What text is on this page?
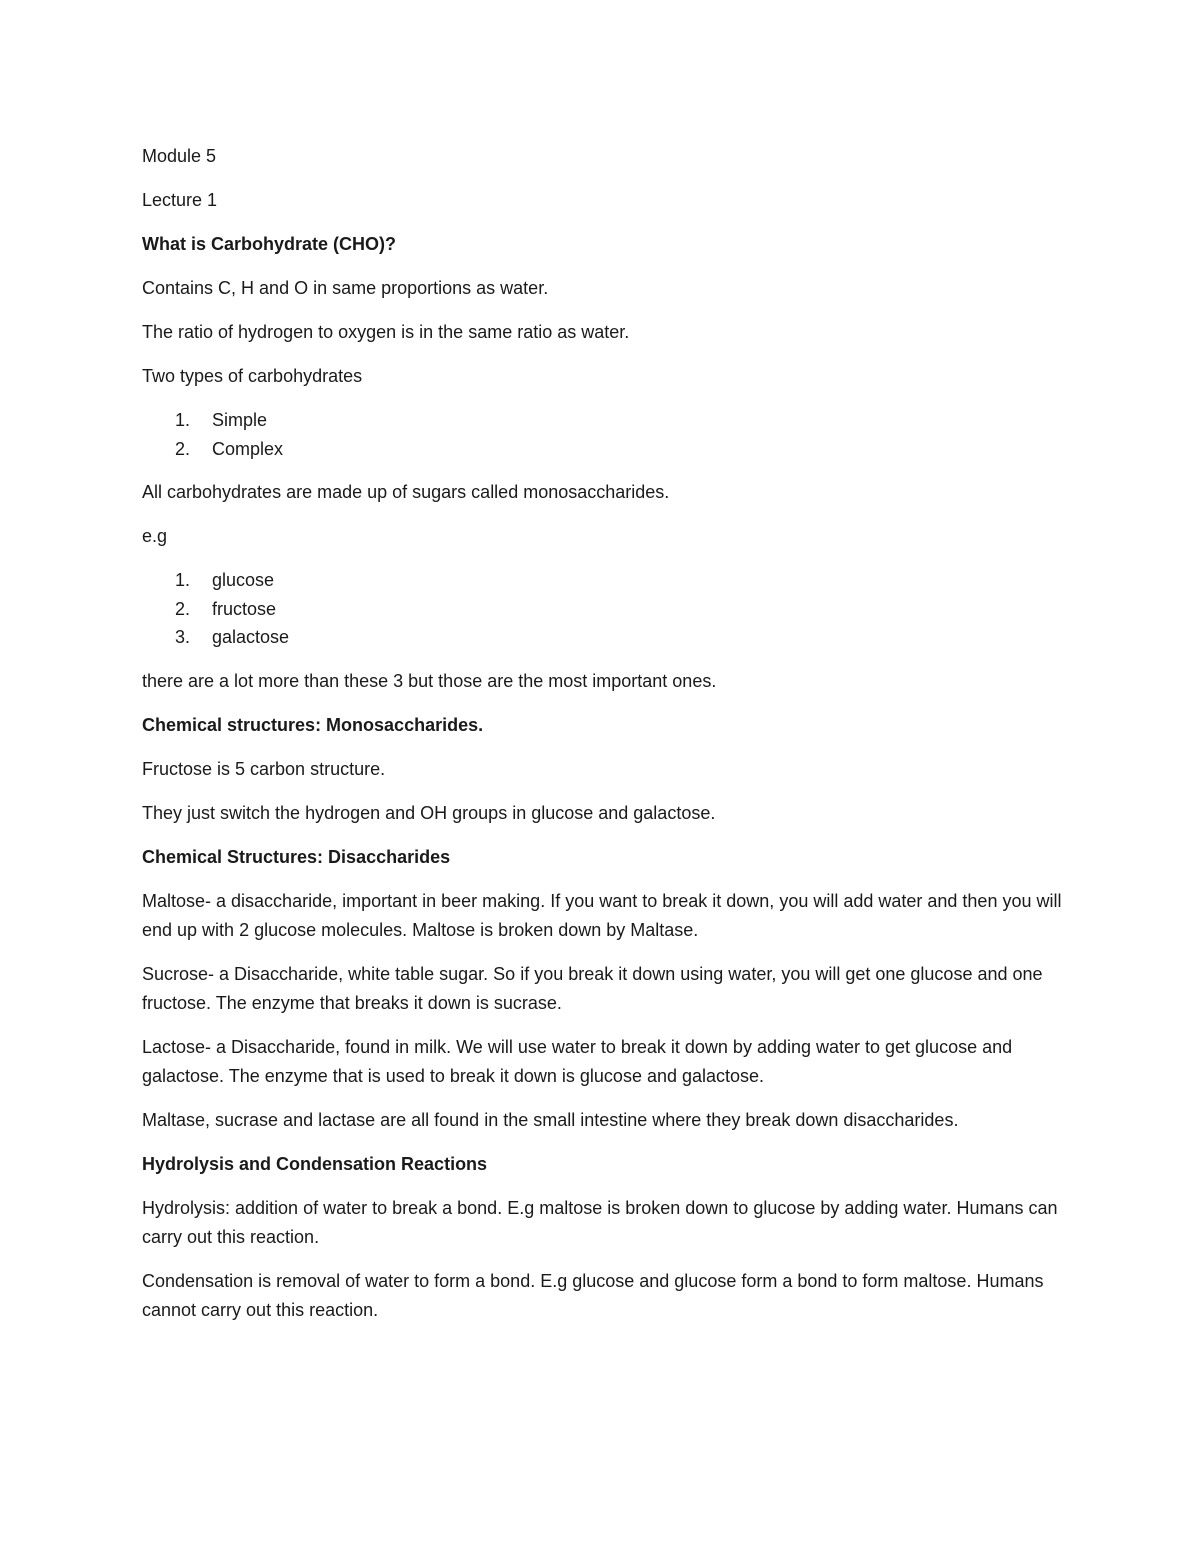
Module 5

Lecture 1

What is Carbohydrate (CHO)?

Contains C, H and O in same proportions as water.

The ratio of hydrogen to oxygen is in the same ratio as water.

Two types of carbohydrates

1.	Simple
2.	Complex

All carbohydrates are made up of sugars called monosaccharides.

e.g

1.	glucose
2.	fructose
3.	galactose

there are a lot more than these 3 but those are the most important ones.

Chemical structures: Monosaccharides.

Fructose is 5 carbon structure.

They just switch the hydrogen and OH groups in glucose and galactose.

Chemical Structures: Disaccharides

Maltose- a disaccharide, important in beer making. If you want to break it down, you will add water and then you will end up with 2 glucose molecules. Maltose is broken down by Maltase.

Sucrose- a Disaccharide, white table sugar. So if you break it down using water, you will get one glucose and one fructose. The enzyme that breaks it down is sucrase.

Lactose- a Disaccharide, found in milk. We will use water to break it down by adding water to get glucose and galactose. The enzyme that is used to break it down is glucose and galactose.

Maltase, sucrase and lactase are all found in the small intestine where they break down disaccharides.

Hydrolysis and Condensation Reactions

Hydrolysis: addition of water to break a bond. E.g maltose is broken down to glucose by adding water. Humans can carry out this reaction.

Condensation is removal of water to form a bond. E.g glucose and glucose form a bond to form maltose. Humans cannot carry out this reaction.
